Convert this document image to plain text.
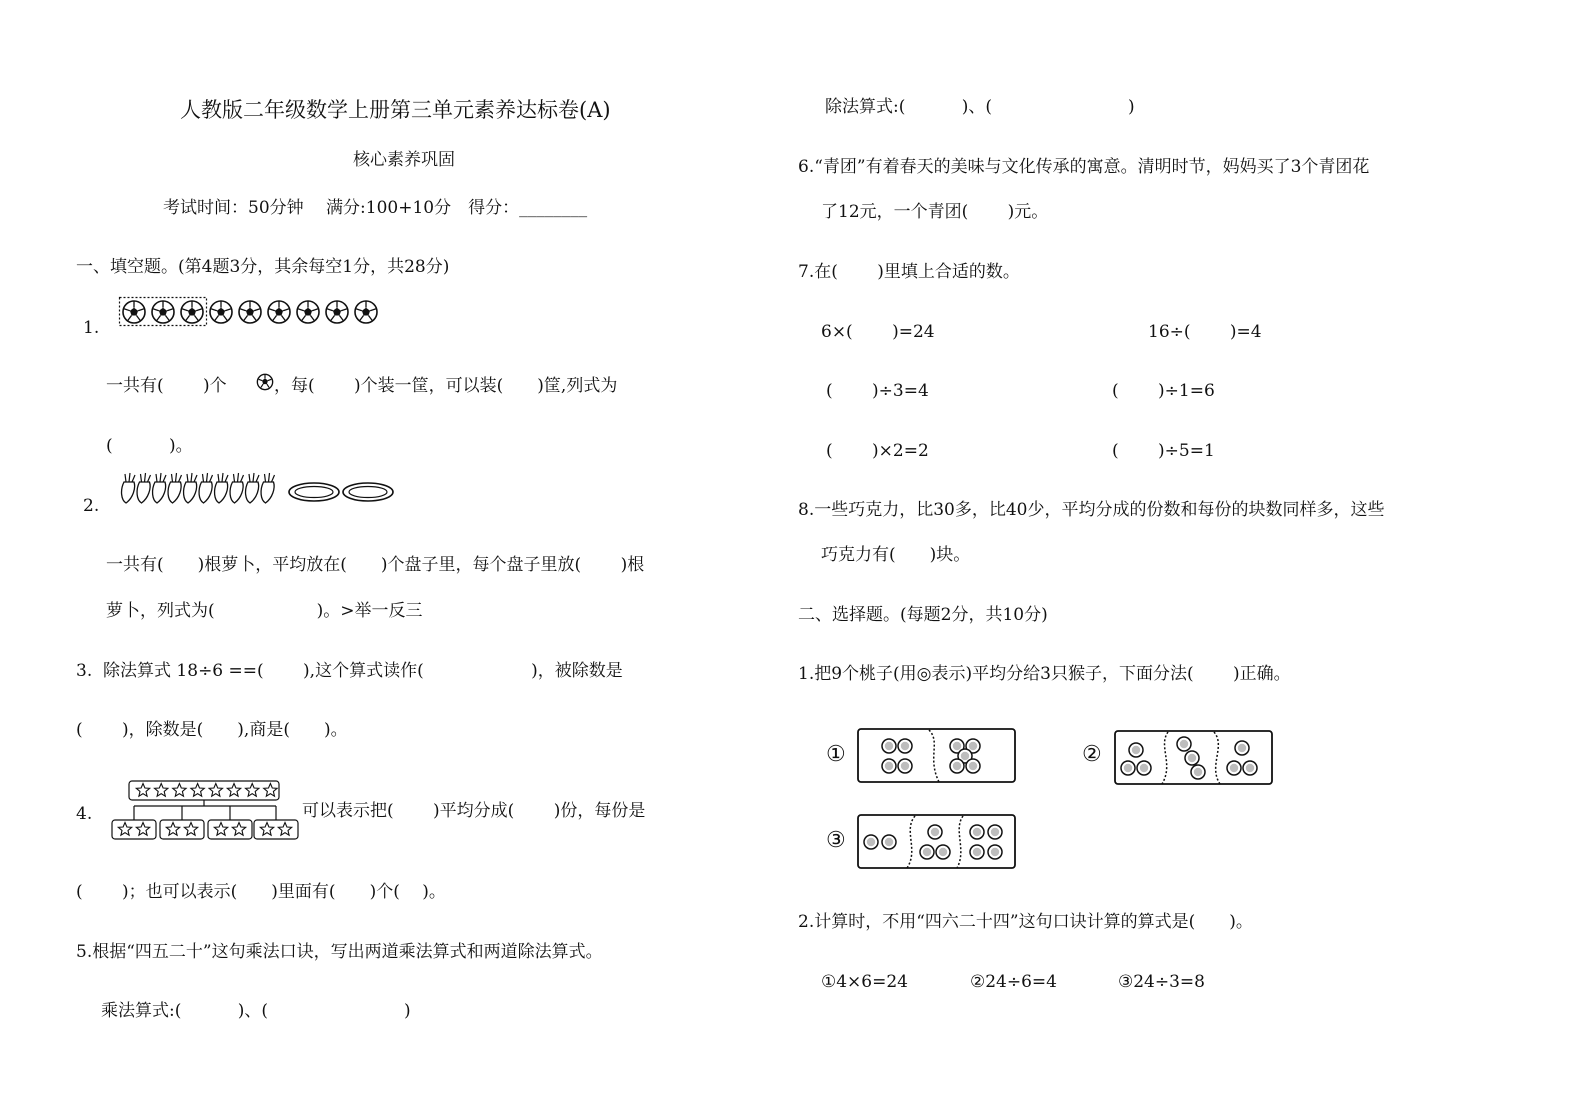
人教版二年级数学上册第三单元素养达标卷(A)
核心素养巩固
考试时间：50分钟　 满分:100+10分　得分：________
一、填空题。(第4题3分，其余每空1分，共28分)
1.
一共有(　　 )个	，每(　　 )个装一筐，可以装(　　)筐,列式为
(　　　 )。
2.
一共有(　　)根萝卜，平均放在(　　)个盘子里，每个盘子里放(　　 )根
萝卜，列式为(　　　　　　)。>举一反三
3.  除法算式 18÷6 ==(　　 ),这个算式读作(　　　　　　 )，被除数是
(　　 )，除数是(　　),商是(　　)。
4.	可以表示把(　　 )平均分成(　　 )份，每份是
(　　 )；也可以表示(　　)里面有(　　)个(　 )。
5.根据“四五二十”这句乘法口诀，写出两道乘法算式和两道除法算式。
乘法算式:(　　　 )、(　　　　　　　　)
除法算式:(　　　 )、(　　　　　　　　)
6.“青团”有着春天的美味与文化传承的寓意。清明时节，妈妈买了3个青团花
了12元，一个青团(　　 )元。
7.在(　　 )里填上合适的数。
6×(　　 )=24	16÷(　　 )=4
(　　 )÷3=4	(　　 )÷1=6
(　　 )×2=2	(　　 )÷5=1
8.一些巧克力，比30多，比40少，平均分成的份数和每份的块数同样多，这些
巧克力有(　　)块。
二、选择题。(每题2分，共10分)
1.把9个桃子(用◎表示)平均分给3只猴子，下面分法(　　 )正确。
①	②
③
2.计算时，不用“四六二十四”这句口诀计算的算式是(　　)。
①4×6=24	②24÷6=4	③24÷3=8
